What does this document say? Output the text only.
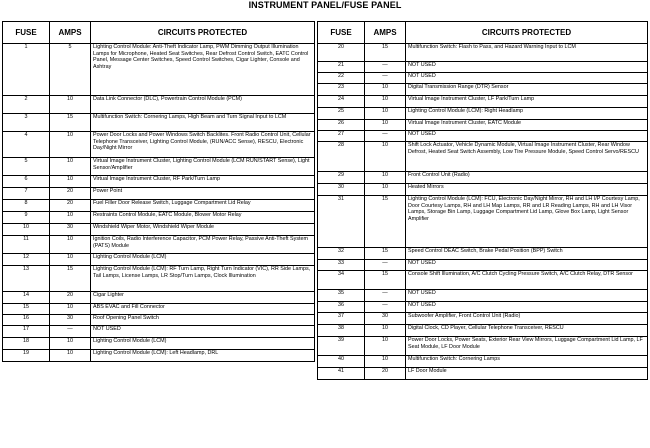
INSTRUMENT PANEL/FUSE PANEL
FUSE	AMPS	CIRCUITS PROTECTED
1	5	Lighting Control Module: Anti-Theft Indicator Lamp, PWM Dimming Output Illumination Lamps for Microphone, Heated Seat Switches, Rear Defrost Control Switch, EATC Control Panel, Message Center Switches, Speed Control Switches, Cigar Lighter, Console and Ashtray
2	10	Data Link Connector (DLC), Powertrain Control Module (PCM)
3	15	Multifunction Switch: Cornering Lamps, High Beam and Turn Signal Input to LCM
4	10	Power Door Locks and Power Windows Switch Backlites. Front Radio Control Unit, Cellular Telephone Transceiver, Lighting Control Module, (RUN/ACC Sense), RESCU, Electronic Day/Night Mirror
5	10	Virtual Image Instrument Cluster, Lighting Control Module (LCM RUN/START Sense), Light Sensor/Amplifier
6	10	Virtual Image Instrument Cluster, RF Park/Turn Lamp
7	20	Power Point
8	20	Fuel Filler Door Release Switch, Luggage Compartment Lid Relay
9	10	Restraints Control Module, EATC Module, Blower Motor Relay
10	30	Windshield Wiper Motor, Windshield Wiper Module
11	10	Ignition Coils, Radio Interference Capacitor, PCM Power Relay, Passive Anti-Theft System (PATS) Module
12	10	Lighting Control Module (LCM)
13	15	Lighting Control Module (LCM): RF Turn Lamp, Right Turn Indicator (VIC), RR Side Lamps, Tail Lamps, License Lamps, LR Stop/Turn Lamps, Clock Illumination
14	20	Cigar Lighter
15	10	ABS EVAC and Fill Connector
16	30	Roof Opening Panel Switch
17	—	NOT USED
18	10	Lighting Control Module (LCM)
19	10	Lighting Control Module (LCM): Left Headlamp, DRL
FUSE	AMPS	CIRCUITS PROTECTED
20	15	Multifunction Switch: Flash to Pass, and Hazard Warning Input to LCM
21	—	NOT USED
22	—	NOT USED
23	10	Digital Transmission Range (DTR) Sensor
24	10	Virtual Image Instrument Cluster, LF Park/Turn Lamp
25	10	Lighting Control Module (LCM): Right Headlamp
26	10	Virtual Image Instrument Cluster, EATC Module
27	—	NOT USED
28	10	Shift Lock Actuator, Vehicle Dynamic Module, Virtual Image Instrument Cluster, Rear Window Defrost, Heated Seat Switch Assembly, Low Tire Pressure Module, Speed Control Servo/RESCU
29	10	Front Control Unit (Radio)
30	10	Heated Mirrors
31	15	Lighting Control Module (LCM): FCU, Electronic Day/Night Mirror, RH and LH I/P Courtesy Lamp, Door Courtesy Lamps, RH and LH Map Lamps, RR and LR Reading Lamps, RH and LH Visor Lamps, Storage Bin Lamp, Luggage Compartment Lid Lamp, Glove Box Lamp, Light Sensor Amplifier
32	15	Speed Control DEAC Switch, Brake Pedal Position (BPP) Switch
33	—	NOT USED
34	15	Console Shift Illumination, A/C Clutch Cycling Pressure Switch, A/C Clutch Relay, DTR Sensor
35	—	NOT USED
36	—	NOT USED
37	30	Subwoofer Amplifier, Front Control Unit (Radio)
38	10	Digital Clock, CD Player, Cellular Telephone Transceiver, RESCU
39	10	Power Door Locks, Power Seats, Exterior Rear View Mirrors, Luggage Compartment Lid Lamp, LF Seat Module, LF Door Module
40	10	Multifunction Switch: Cornering Lamps
41	20	LF Door Module
